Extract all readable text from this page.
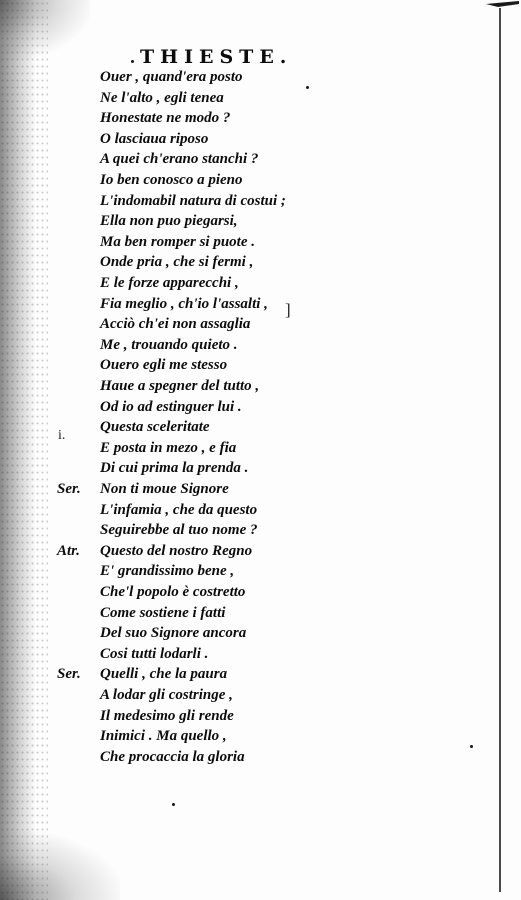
THIESTE.
i.
]
Ouer , quand'era posto
Ne l'alto , egli tenea
Honestate ne modo ?
O lasciaua riposo
A quei ch'erano stanchi ?
Io ben conosco a pieno
L'indomabil natura di costui ;
Ella non puo piegarsi,
Ma ben romper si puote .
Onde pria , che si fermi ,
E le forze apparecchi ,
Fia meglio , ch'io l'assalti ,
Acciò ch'ei non assaglia
Me , trouando quieto .
Ouero egli me stesso
Haue a spegner del tutto ,
Od io ad estinguer lui .
Questa sceleritate
E posta in mezo , e fia
Di cui prima la prenda .
Ser. Non ti moue Signore
L'infamia , che da questo
Seguirebbe al tuo nome ?
Atr. Questo del nostro Regno
E' grandissimo bene ,
Che'l popolo è costretto
Come sostiene i fatti
Del suo Signore ancora
Cosi tutti lodarli .
Ser. Quelli , che la paura
A lodar gli costringe ,
Il medesimo gli rende
Inimici . Ma quello ,
Che procaccia la gloria
